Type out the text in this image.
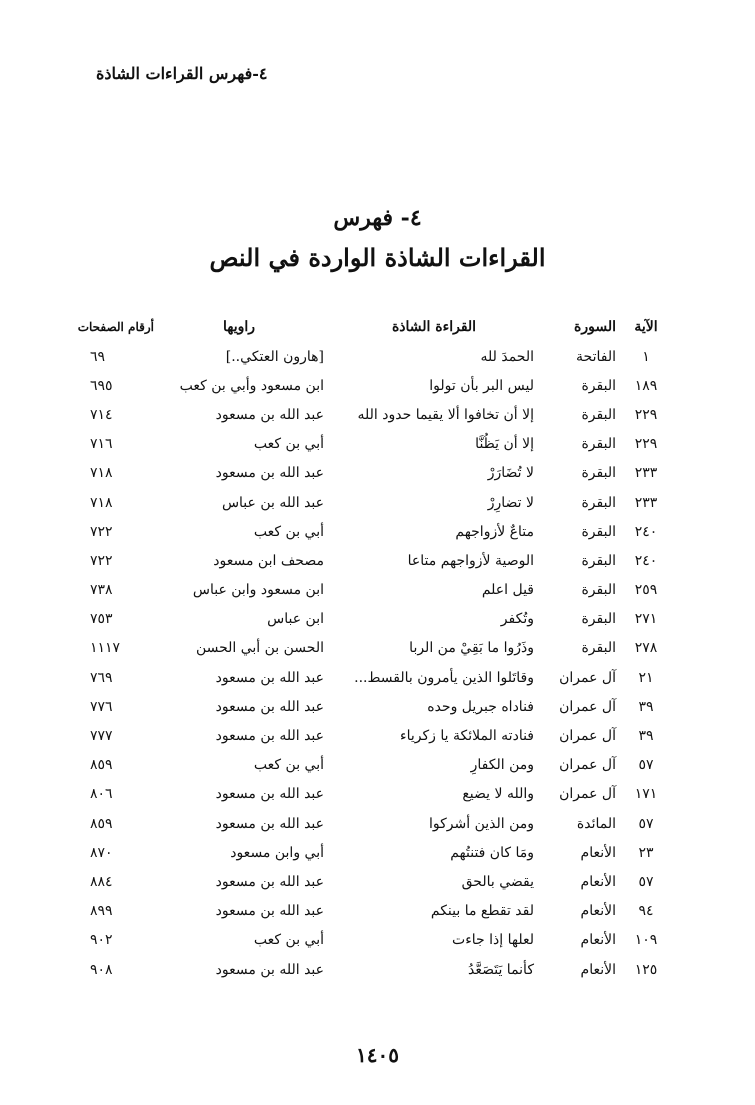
٤-فهرس القراءات الشاذة
٤- فهرس
القراءات الشاذة الواردة في النص
الآية
السورة
القراءة الشاذة
راويها
أرقام الصفحات
١
الفاتحة
الحمدَ لله
[هارون العتكي..]
٦٩
١٨٩
البقرة
ليس البر بأن تولوا
ابن مسعود وأبي بن كعب
٦٩٥
٢٢٩
البقرة
إلا أن تخافوا ألا يقيما حدود الله
عبد الله بن مسعود
٧١٤
٢٢٩
البقرة
إلا أن يَظُنَّا
أبي بن كعب
٧١٦
٢٣٣
البقرة
لا تُضَارَرْ
عبد الله بن مسعود
٧١٨
٢٣٣
البقرة
لا تضارِرْ
عبد الله بن عباس
٧١٨
٢٤٠
البقرة
متاعٌ لأزواجهم
أبي بن كعب
٧٢٢
٢٤٠
البقرة
الوصية لأزواجهم متاعا
مصحف ابن مسعود
٧٢٢
٢٥٩
البقرة
قيل اعلم
ابن مسعود وابن عباس
٧٣٨
٢٧١
البقرة
وتُكفر
ابن عباس
٧٥٣
٢٧٨
البقرة
وذَرُوا ما بَقِيْ من الربا
الحسن بن أبي الحسن
١١١٧
٢١
آل عمران
وقاتَلوا الذين يأمرون بالقسط...
عبد الله بن مسعود
٧٦٩
٣٩
آل عمران
فناداه جبريل وحده
عبد الله بن مسعود
٧٧٦
٣٩
آل عمران
فنادته الملائكة يا زكرياء
عبد الله بن مسعود
٧٧٧
٥٧
آل عمران
ومن الكفارِ
أبي بن كعب
٨٥٩
١٧١
آل عمران
والله لا يضيع
عبد الله بن مسعود
٨٠٦
٥٧
المائدة
ومن الذين أشركوا
عبد الله بن مسعود
٨٥٩
٢٣
الأنعام
ومَا كان فتنتُهم
أبي وابن مسعود
٨٧٠
٥٧
الأنعام
يقضي بالحق
عبد الله بن مسعود
٨٨٤
٩٤
الأنعام
لقد تقطع ما بينكم
عبد الله بن مسعود
٨٩٩
١٠٩
الأنعام
لعلها إذا جاءت
أبي بن كعب
٩٠٢
١٢٥
الأنعام
كأنما يَتَصَعَّدُ
عبد الله بن مسعود
٩٠٨
١٤٠٥
